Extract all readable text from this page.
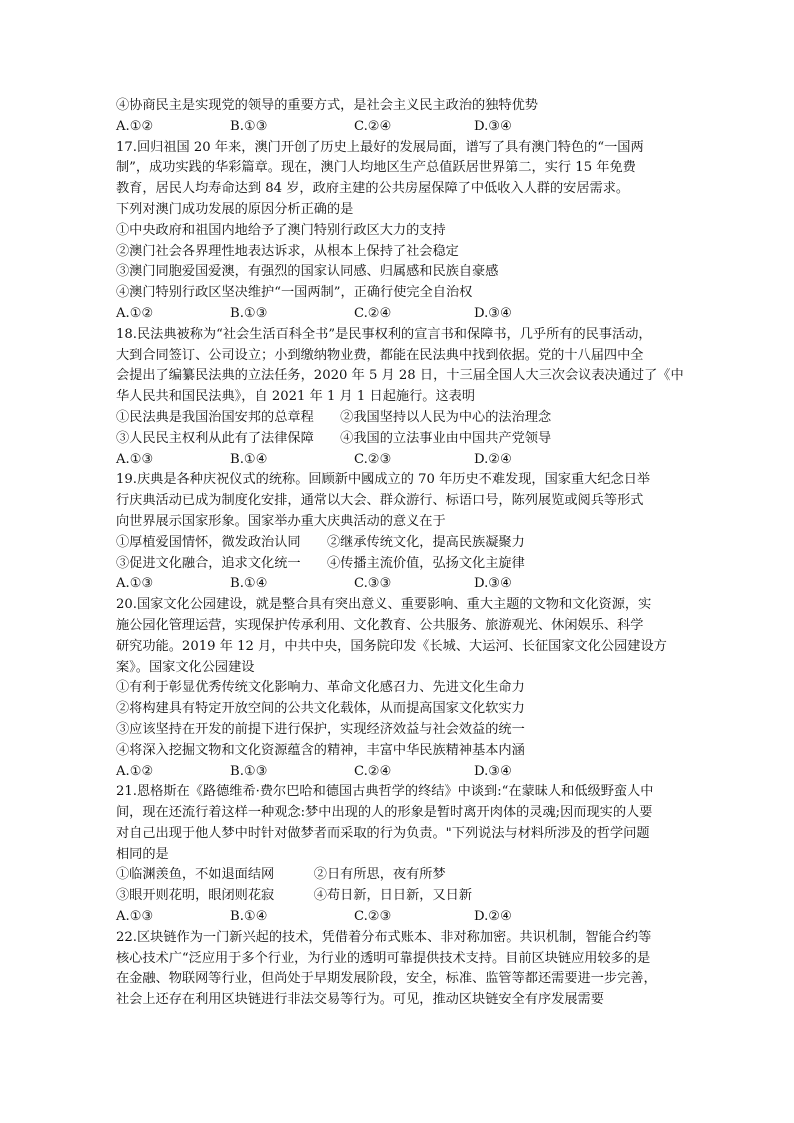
④协商民主是实现党的领导的重要方式，是社会主义民主政治的独特优势
A.①②	B.①③	C.②④	D.③④
17.回归祖国 20 年来，澳门开创了历史上最好的发展局面，谱写了具有澳门特色的“一国两
制”，成功实践的华彩篇章。现在，澳门人均地区生产总值跃居世界第二，实行 15 年免费
教育，居民人均寿命达到 84 岁，政府主建的公共房屋保障了中低收入人群的安居需求。
下列对澳门成功发展的原因分析正确的是
①中央政府和祖国内地给予了澳门特别行政区大力的支持
②澳门社会各界理性地表达诉求，从根本上保持了社会稳定
③澳门同胞爱国爱澳，有强烈的国家认同感、归属感和民族自豪感
④澳门特别行政区坚决维护“一国两制”，正确行使完全自治权
A.①②	B.①③	C.②④	D.③④
18.民法典被称为“社会生活百科全书”是民事权利的宣言书和保障书，几乎所有的民事活动，
大到合同签订、公司设立；小到缴纳物业费，都能在民法典中找到依据。党的十八届四中全
会提出了编纂民法典的立法任务，2020 年 5 月 28 日，十三届全国人大三次会议表决通过了《中
华人民共和国民法典》，自 2021 年 1 月 1 日起施行。这表明
①民法典是我国治国安邦的总章程　　②我国坚持以人民为中心的法治理念
③人民民主权利从此有了法律保障　　④我国的立法事业由中国共产党领导
A.①③	B.①④	C.②③	D.②④
19.庆典是各种庆祝仪式的统称。回顾新中國成立的 70 年历史不难发现，国家重大纪念日举
行庆典活动已成为制度化安排，通常以大会、群众游行、标语口号，陈列展览或阅兵等形式
向世界展示国家形象。国家举办重大庆典活动的意义在于
①厚植爱国情怀，微发政治认同　　②继承传统文化，提高民族凝聚力
③促进文化融合，追求文化统一　　④传播主流价值，弘扬文化主旋律
A.①③	B.①④	C.③③	D.③④
20.国家文化公园建设，就是整合具有突出意义、重要影响、重大主题的文物和文化资源，实
施公园化管理运营，实现保护传承利用、文化教育、公共服务、旅游观光、休闲娱乐、科学
研究功能。2019 年 12 月，中共中央，国务院印发《长城、大运河、长征国家文化公园建设方
案》。国家文化公园建设
①有利于彰显优秀传统文化影响力、革命文化感召力、先进文化生命力
②将构建具有特定开放空间的公共文化载体，从而提高国家文化软实力
③应该坚持在开发的前提下进行保护，实现经济效益与社会效益的统一
④将深入挖掘文物和文化资源蕴含的精神，丰富中华民族精神基本内涵
A.①②	B.①③	C.②④	D.③④
21.恩格斯在《路德维希·费尔巴哈和德国古典哲学的终结》中谈到:“在蒙昧人和低级野蛮人中
间，现在还流行着这样一种观念:梦中出现的人的形象是暂时离开肉体的灵魂;因而现实的人要
对自己出现于他人梦中时针对做梦者而采取的行为负责。"下列说法与材料所涉及的哲学问题
相同的是
①临渊羡鱼，不如退面结网　　　②日有所思，夜有所梦
③眼开则花明，眼闭则花寂　　　④苟日新，日日新，又日新
A.①③	B.①④	C.②③	D.②④
22.区块链作为一门新兴起的技术，凭借着分布式账本、非对称加密。共识机制，智能合约等
核心技术广“泛应用于多个行业，为行业的透明可靠提供技术支持。目前区块链应用较多的是
在金融、物联网等行业，但尚处于早期发展阶段，安全，标准、监管等都还需要进一步完善，
社会上还存在利用区块链进行非法交易等行为。可见，推动区块链安全有序发展需要
